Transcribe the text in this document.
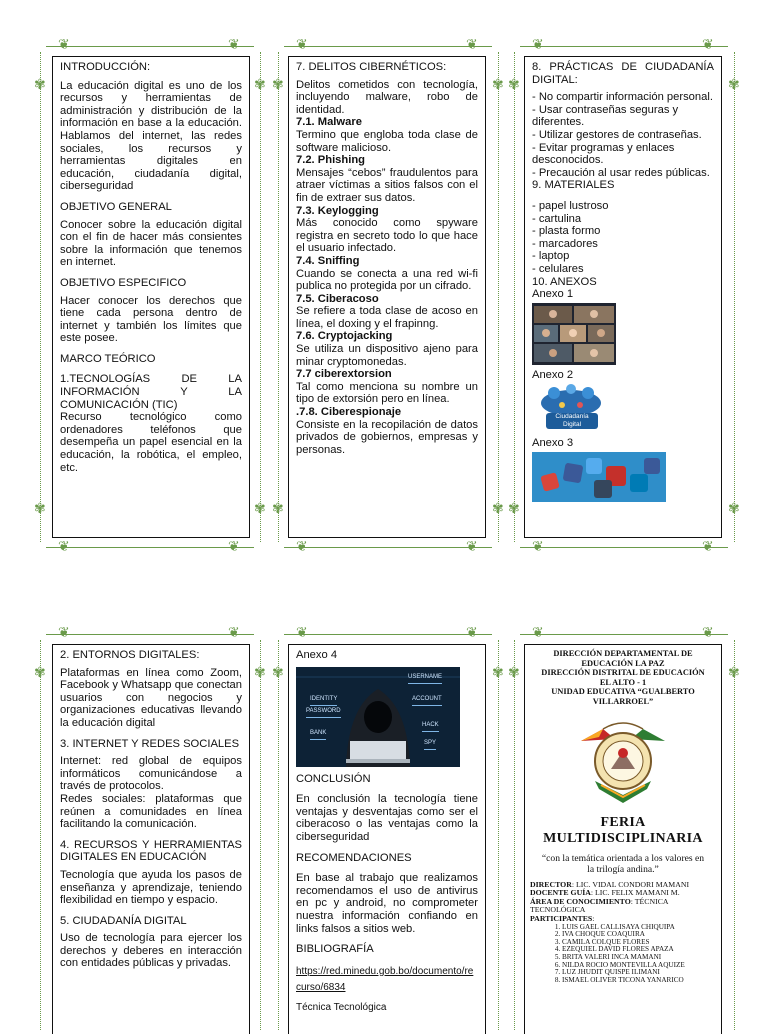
❦	❦
❦	❦
✾	✾
✾	✾
❦	❦
❦	❦
✾	✾
✾	✾
❦	❦
❦	❦
✾	✾
✾	✾
❦	❦
✾	✾
❦	❦
✾	✾
❦	❦
✾	✾

INTRODUCCIÓN:

La educación digital es uno de los recursos y herramientas de administración y distribución de la información en base a la educación. Hablamos del internet, las redes sociales, los recursos y herramientas digitales en educación, ciudadanía digital, ciberseguridad

OBJETIVO GENERAL

Conocer sobre la educación digital con el fin de hacer más consientes sobre la información que tenemos en internet.

OBJETIVO ESPECIFICO

Hacer conocer los derechos que tiene cada persona dentro de internet y también los límites que este posee.

MARCO TEÓRICO

1.TECNOLOGÍAS DE LA INFORMACIÓN Y LA COMUNICACIÓN (TIC)

Recurso tecnológico como ordenadores teléfonos que desempeña un papel esencial en la educación, la robótica, el empleo, etc.

7. DELITOS CIBERNÉTICOS:

Delitos cometidos con tecnología, incluyendo malware, robo de identidad.

7.1. Malware

Termino que engloba toda clase de software malicioso.

7.2. Phishing

Mensajes “cebos” fraudulentos para atraer víctimas a sitios falsos con el fin de extraer sus datos.

7.3. Keylogging

Más conocido como spyware registra en secreto todo lo que hace el usuario infectado.

7.4. Sniffing

Cuando se conecta a una red wi-fi publica no protegida por un cifrado.

7.5. Ciberacoso

Se refiere a toda clase de acoso en línea, el doxing y el frapinng.

7.6. Cryptojacking

Se utiliza un dispositivo ajeno para minar cryptomonedas.

7.7 ciberextorsion

Tal como menciona su nombre un tipo de extorsión pero en línea.

.7.8. Ciberespionaje

Consiste en la recopilación de datos privados de gobiernos, empresas y personas.

8. PRÁCTICAS DE CIUDADANÍA DIGITAL:

- No compartir información personal.
- Usar contraseñas seguras y diferentes.
- Utilizar gestores de contraseñas.
- Evitar programas y enlaces desconocidos.
- Precaución al usar redes públicas.

9. MATERIALES

- papel lustroso
- cartulina
- plasta formo
- marcadores
- laptop
- celulares

10. ANEXOS

Anexo 1

Anexo 2

Ciudadanía Digital

Anexo 3

2. ENTORNOS DIGITALES:

Plataformas en línea como Zoom, Facebook y Whatsapp que conectan usuarios con negocios y organizaciones educativas llevando la educación digital

3. INTERNET Y REDES SOCIALES

Internet: red global de equipos informáticos comunicándose a través de protocolos.

Redes sociales: plataformas que reúnen a comunidades en línea facilitando la comunicación.

4. RECURSOS Y HERRAMIENTAS DIGITALES EN EDUCACIÓN

Tecnología que ayuda los pasos de enseñanza y aprendizaje, teniendo flexibilidad en tiempo y espacio.

5. CIUDADANÍA DIGITAL

Uso de tecnología para ejercer los derechos y deberes en interacción con entidades públicas y privadas.

Anexo 4

USERNAME
IDENTITY	ACCOUNT
PASSWORD
HACK
BANK
SPY

CONCLUSIÓN

En conclusión la tecnología tiene ventajas y desventajas como ser el ciberacoso o las ventajas como la ciberseguridad

RECOMENDACIONES

En base al trabajo que realizamos recomendamos el uso de antivirus en pc y android, no comprometer nuestra información confiando en links falsos a sitios web.

BIBLIOGRAFÍA

https://red.minedu.gob.bo/documento/recurso/6834

Técnica Tecnológica

DIRECCIÓN DEPARTAMENTAL DE
EDUCACIÓN LA PAZ
DIRECCIÓN DISTRITAL DE EDUCACIÓN
EL ALTO - 1
UNIDAD EDUCATIVA “GUALBERTO
VILLARROEL”
FERIA MULTIDISCIPLINARIA
“con la temática orientada a los valores en la trilogía andina.”
DIRECTOR: LIC. VIDAL CONDORI MAMANI
DOCENTE GUÍA: LIC. FELIX MAMANI M.
ÁREA DE CONOCIMIENTO: TÉCNICA TECNOLÓGICA
PARTICIPANTES:
1. LUIS GAEL CALLISAYA CHIQUIPA
2. IVA CHOQUE COAQUIRA
3. CAMILA COLQUE FLORES
4. EZEQUIEL DAVID FLORES APAZA
5. BRITA VALERI INCA MAMANI
6. NILDA ROCIO MONTEVILLA AQUIZE
7. LUZ JHUDIT QUISPE ILIMANI
8. ISMAEL OLIVER TICONA YANARICO
